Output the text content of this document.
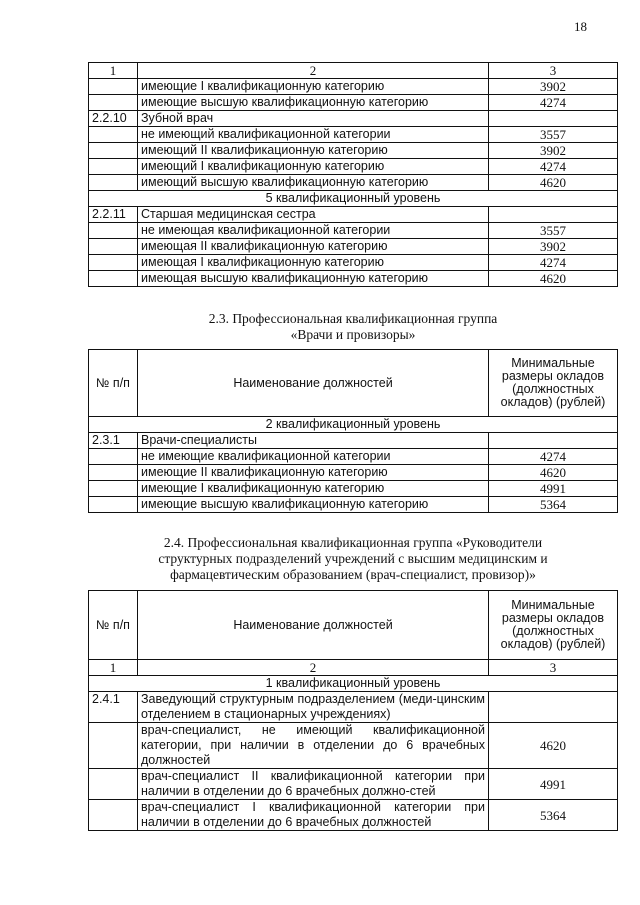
18
1	2	3
	имеющие I квалификационную категорию	3902
	имеющие высшую квалификационную категорию	4274
2.2.10	Зубной врач	
	не имеющий квалификационной категории	3557
	имеющий II квалификационную категорию	3902
	имеющий I квалификационную категорию	4274
	имеющий высшую квалификационную категорию	4620
5 квалификационный уровень		
2.2.11	Старшая медицинская сестра	
	не имеющая квалификационной категории	3557
	имеющая II квалификационную категорию	3902
	имеющая I квалификационную категорию	4274
	имеющая высшую квалификационную категорию	4620
2.3. Профессиональная квалификационная группа
«Врачи и провизоры»
№ п/п	Наименование должностей	Минимальные размеры окладов (должностных окладов) (рублей)
2 квалификационный уровень		
2.3.1	Врачи-специалисты	
	не имеющие квалификационной категории	4274
	имеющие II квалификационную категорию	4620
	имеющие I квалификационную категорию	4991
	имеющие высшую квалификационную категорию	5364
2.4. Профессиональная квалификационная группа «Руководители
структурных подразделений учреждений с высшим медицинским и
фармацевтическим образованием (врач-специалист, провизор)»
№ п/п	Наименование должностей	Минимальные размеры окладов (должностных окладов) (рублей)
1	2	3
1 квалификационный уровень		
2.4.1	Заведующий структурным подразделением (меди-цинским отделением в стационарных учреждениях)	
	врач-специалист, не имеющий квалификационной категории, при наличии в отделении до 6 врачебных должностей	4620
	врач-специалист II квалификационной категории при наличии в отделении до 6 врачебных должно-стей	4991
	врач-специалист I квалификационной категории при наличии в отделении до 6 врачебных должностей	5364
